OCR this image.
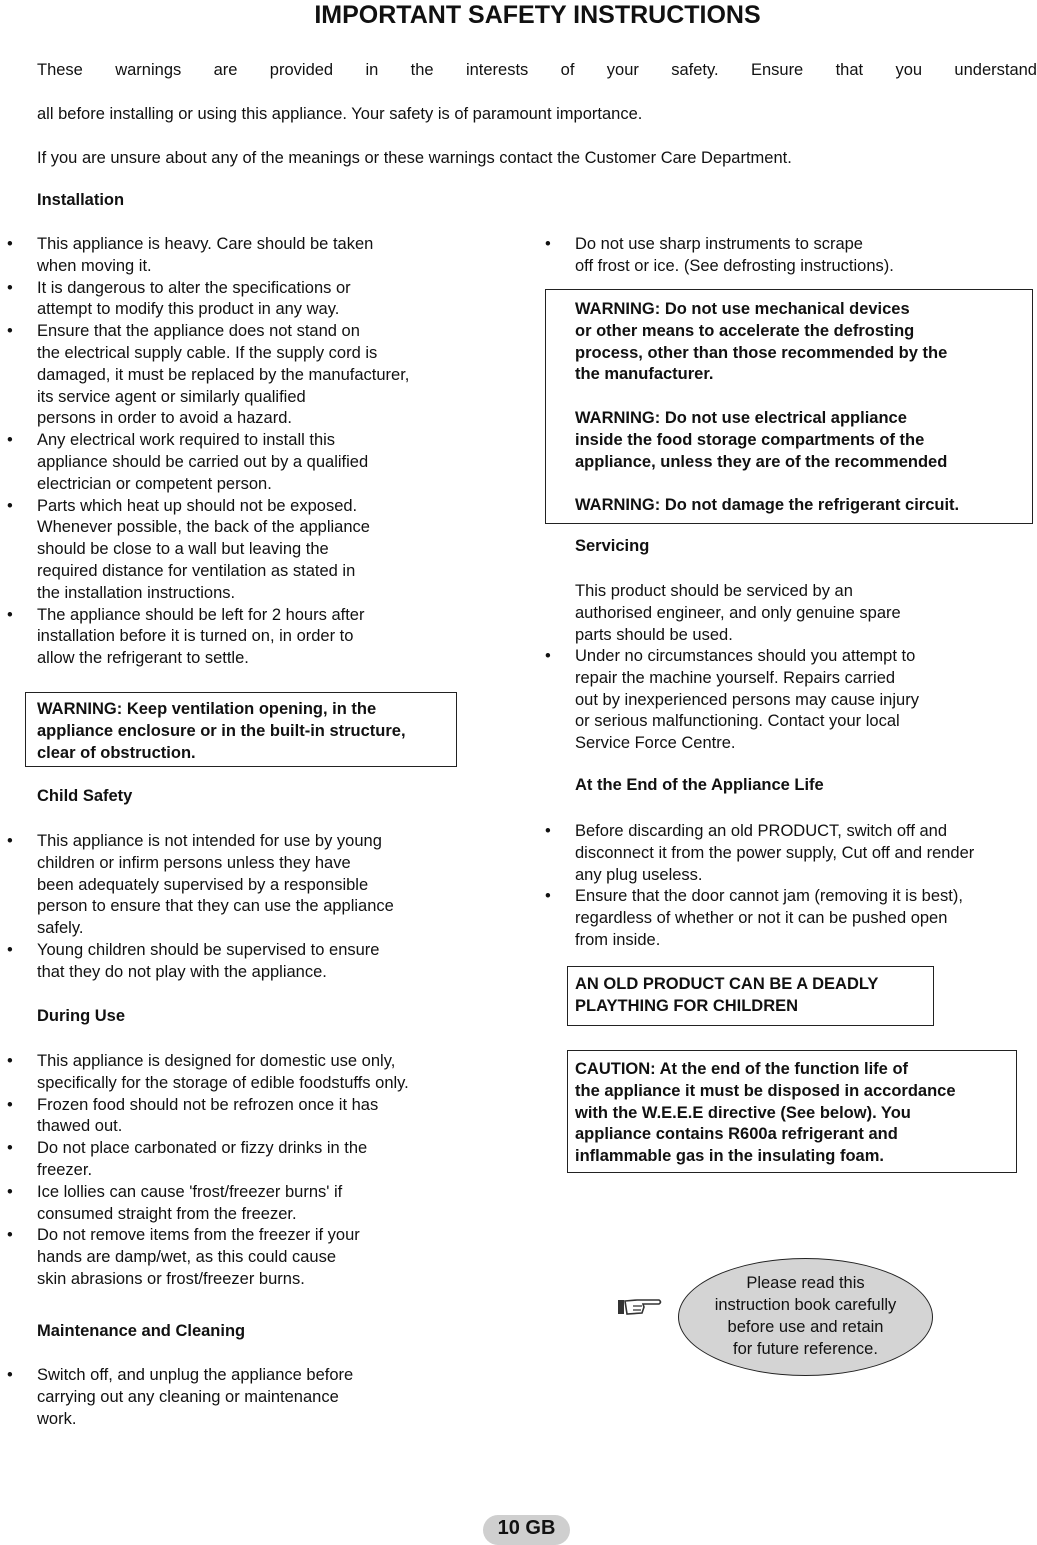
IMPORTANT SAFETY INSTRUCTIONS
These warnings are provided in the interests of your safety. Ensure that you understand
all before installing or using this appliance. Your safety is of paramount importance.
If you are unsure about any of the meanings or these warnings contact the Customer Care Department.
Installation
• This appliance is heavy. Care should be taken
when moving it.
• It is dangerous to alter the specifications or
attempt to modify this product in any way.
• Ensure that the appliance does not stand on
the electrical supply cable. If the supply cord is
damaged, it must be replaced by the manufacturer,
its service agent or similarly qualified
persons in order to avoid a hazard.
• Any electrical work required to install this
appliance should be carried out by a qualified
electrician or competent person.
• Parts which heat up should not be exposed.
Whenever possible, the back of the appliance
should be close to a wall but leaving the
required distance for ventilation as stated in
the installation instructions.
• The appliance should be left for 2 hours after
installation before it is turned on, in order to
allow the refrigerant to settle.
WARNING: Keep ventilation opening, in the
appliance enclosure or in the built-in structure,
clear of obstruction.
Child Safety
• This appliance is not intended for use by young
children or infirm persons unless they have
been adequately supervised by a responsible
person to ensure that they can use the appliance
safely.
• Young children should be supervised to ensure
that they do not play with the appliance.
During Use
• This appliance is designed for domestic use only,
specifically for the storage of edible foodstuffs only.
• Frozen food should not be refrozen once it has
thawed out.
• Do not place carbonated or fizzy drinks in the
freezer.
• Ice lollies can cause 'frost/freezer burns' if
consumed straight from the freezer.
• Do not remove items from the freezer if your
hands are damp/wet, as this could cause
skin abrasions or frost/freezer burns.
Maintenance and Cleaning
• Switch off, and unplug the appliance before
carrying out any cleaning or maintenance
work.
• Do not use sharp instruments to scrape
off frost or ice. (See defrosting instructions).
WARNING: Do not use mechanical devices
or other means to accelerate the defrosting
process, other than those recommended by the
the manufacturer.

WARNING: Do not use electrical appliance
inside the food storage compartments of the
appliance, unless they are of the recommended

WARNING: Do not damage the refrigerant circuit.
Servicing
This product should be serviced by an
authorised engineer, and only genuine spare
parts should be used.
• Under no circumstances should you attempt to
repair the machine yourself. Repairs carried
out by inexperienced persons may cause injury
or serious malfunctioning. Contact your local
Service Force Centre.
At the End of the Appliance Life
• Before discarding an old PRODUCT, switch off and
disconnect it from the power supply, Cut off and render
any plug useless.
• Ensure that the door cannot jam (removing it is best),
regardless of whether or not it can be pushed open
from inside.
AN OLD PRODUCT CAN BE A DEADLY
PLAYTHING FOR CHILDREN
CAUTION: At the end of the function life of
the appliance it must be disposed in accordance
with the W.E.E.E directive (See below). You
appliance contains R600a refrigerant and
inflammable gas in the insulating foam.
Please read this
instruction book carefully
before use and retain
for future reference.
10 GB
